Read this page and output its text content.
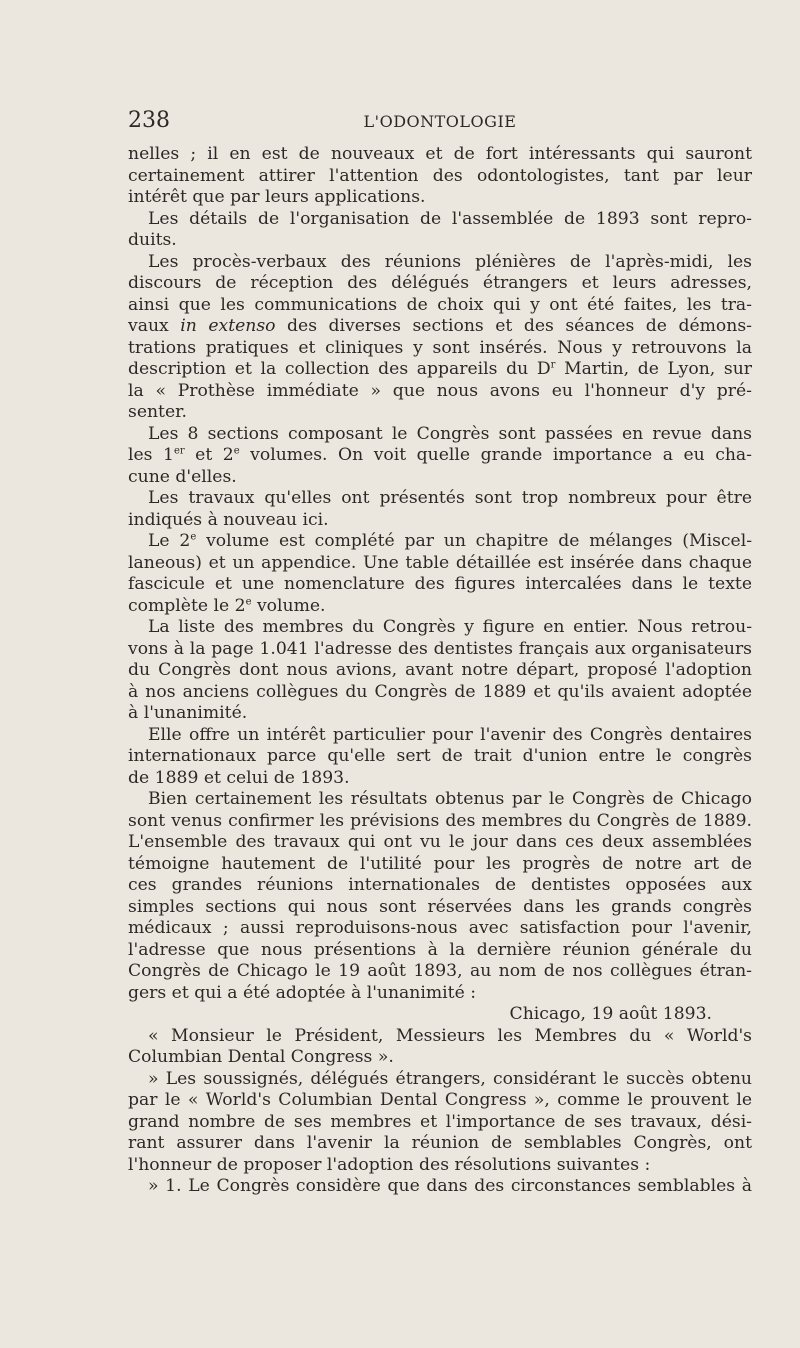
238	L'ODONTOLOGIE
nelles ; il en est de nouveaux et de fort intéressants qui sauront
certainement attirer l'attention des odontologistes, tant par leur
intérêt que par leurs applications.
Les détails de l'organisation de l'assemblée de 1893 sont repro-
duits.
Les procès-verbaux des réunions plénières de l'après-midi, les
discours de réception des délégués étrangers et leurs adresses,
ainsi que les communications de choix qui y ont été faites, les tra-
vaux in extenso des diverses sections et des séances de démons-
trations pratiques et cliniques y sont insérés. Nous y retrouvons la
description et la collection des appareils du $D^r$ Martin, de Lyon, sur
la « Prothèse immédiate » que nous avons eu l'honneur d'y pré-
senter.
Les 8 sections composant le Congrès sont passées en revue dans
les 1er et 2e volumes. On voit quelle grande importance a eu cha-
cune d'elles.
Les travaux qu'elles ont présentés sont trop nombreux pour être
indiqués à nouveau ici.
Le 2e volume est complété par un chapitre de mélanges (Miscel-
laneous) et un appendice. Une table détaillée est insérée dans chaque
fascicule et une nomenclature des figures intercalées dans le texte
complète le 2e volume.
La liste des membres du Congrès y figure en entier. Nous retrou-
vons à la page 1.041 l'adresse des dentistes français aux organisateurs
du Congrès dont nous avions, avant notre départ, proposé l'adoption
à nos anciens collègues du Congrès de 1889 et qu'ils avaient adoptée
à l'unanimité.
Elle offre un intérêt particulier pour l'avenir des Congrès dentaires
internationaux parce qu'elle sert de trait d'union entre le congrès
de 1889 et celui de 1893.
Bien certainement les résultats obtenus par le Congrès de Chicago
sont venus confirmer les prévisions des membres du Congrès de 1889.
L'ensemble des travaux qui ont vu le jour dans ces deux assemblées
témoigne hautement de l'utilité pour les progrès de notre art de
ces grandes réunions internationales de dentistes opposées aux
simples sections qui nous sont réservées dans les grands congrès
médicaux ; aussi reproduisons-nous avec satisfaction pour l'avenir,
l'adresse que nous présentions à la dernière réunion générale du
Congrès de Chicago le 19 août 1893, au nom de nos collègues étran-
gers et qui a été adoptée à l'unanimité :
Chicago, 19 août 1893.
« Monsieur le Président, Messieurs les Membres du « World's
Columbian Dental Congress ».
» Les soussignés, délégués étrangers, considérant le succès obtenu
par le « World's Columbian Dental Congress », comme le prouvent le
grand nombre de ses membres et l'importance de ses travaux, dési-
rant assurer dans l'avenir la réunion de semblables Congrès, ont
l'honneur de proposer l'adoption des résolutions suivantes :
» 1. Le Congrès considère que dans des circonstances semblables à
